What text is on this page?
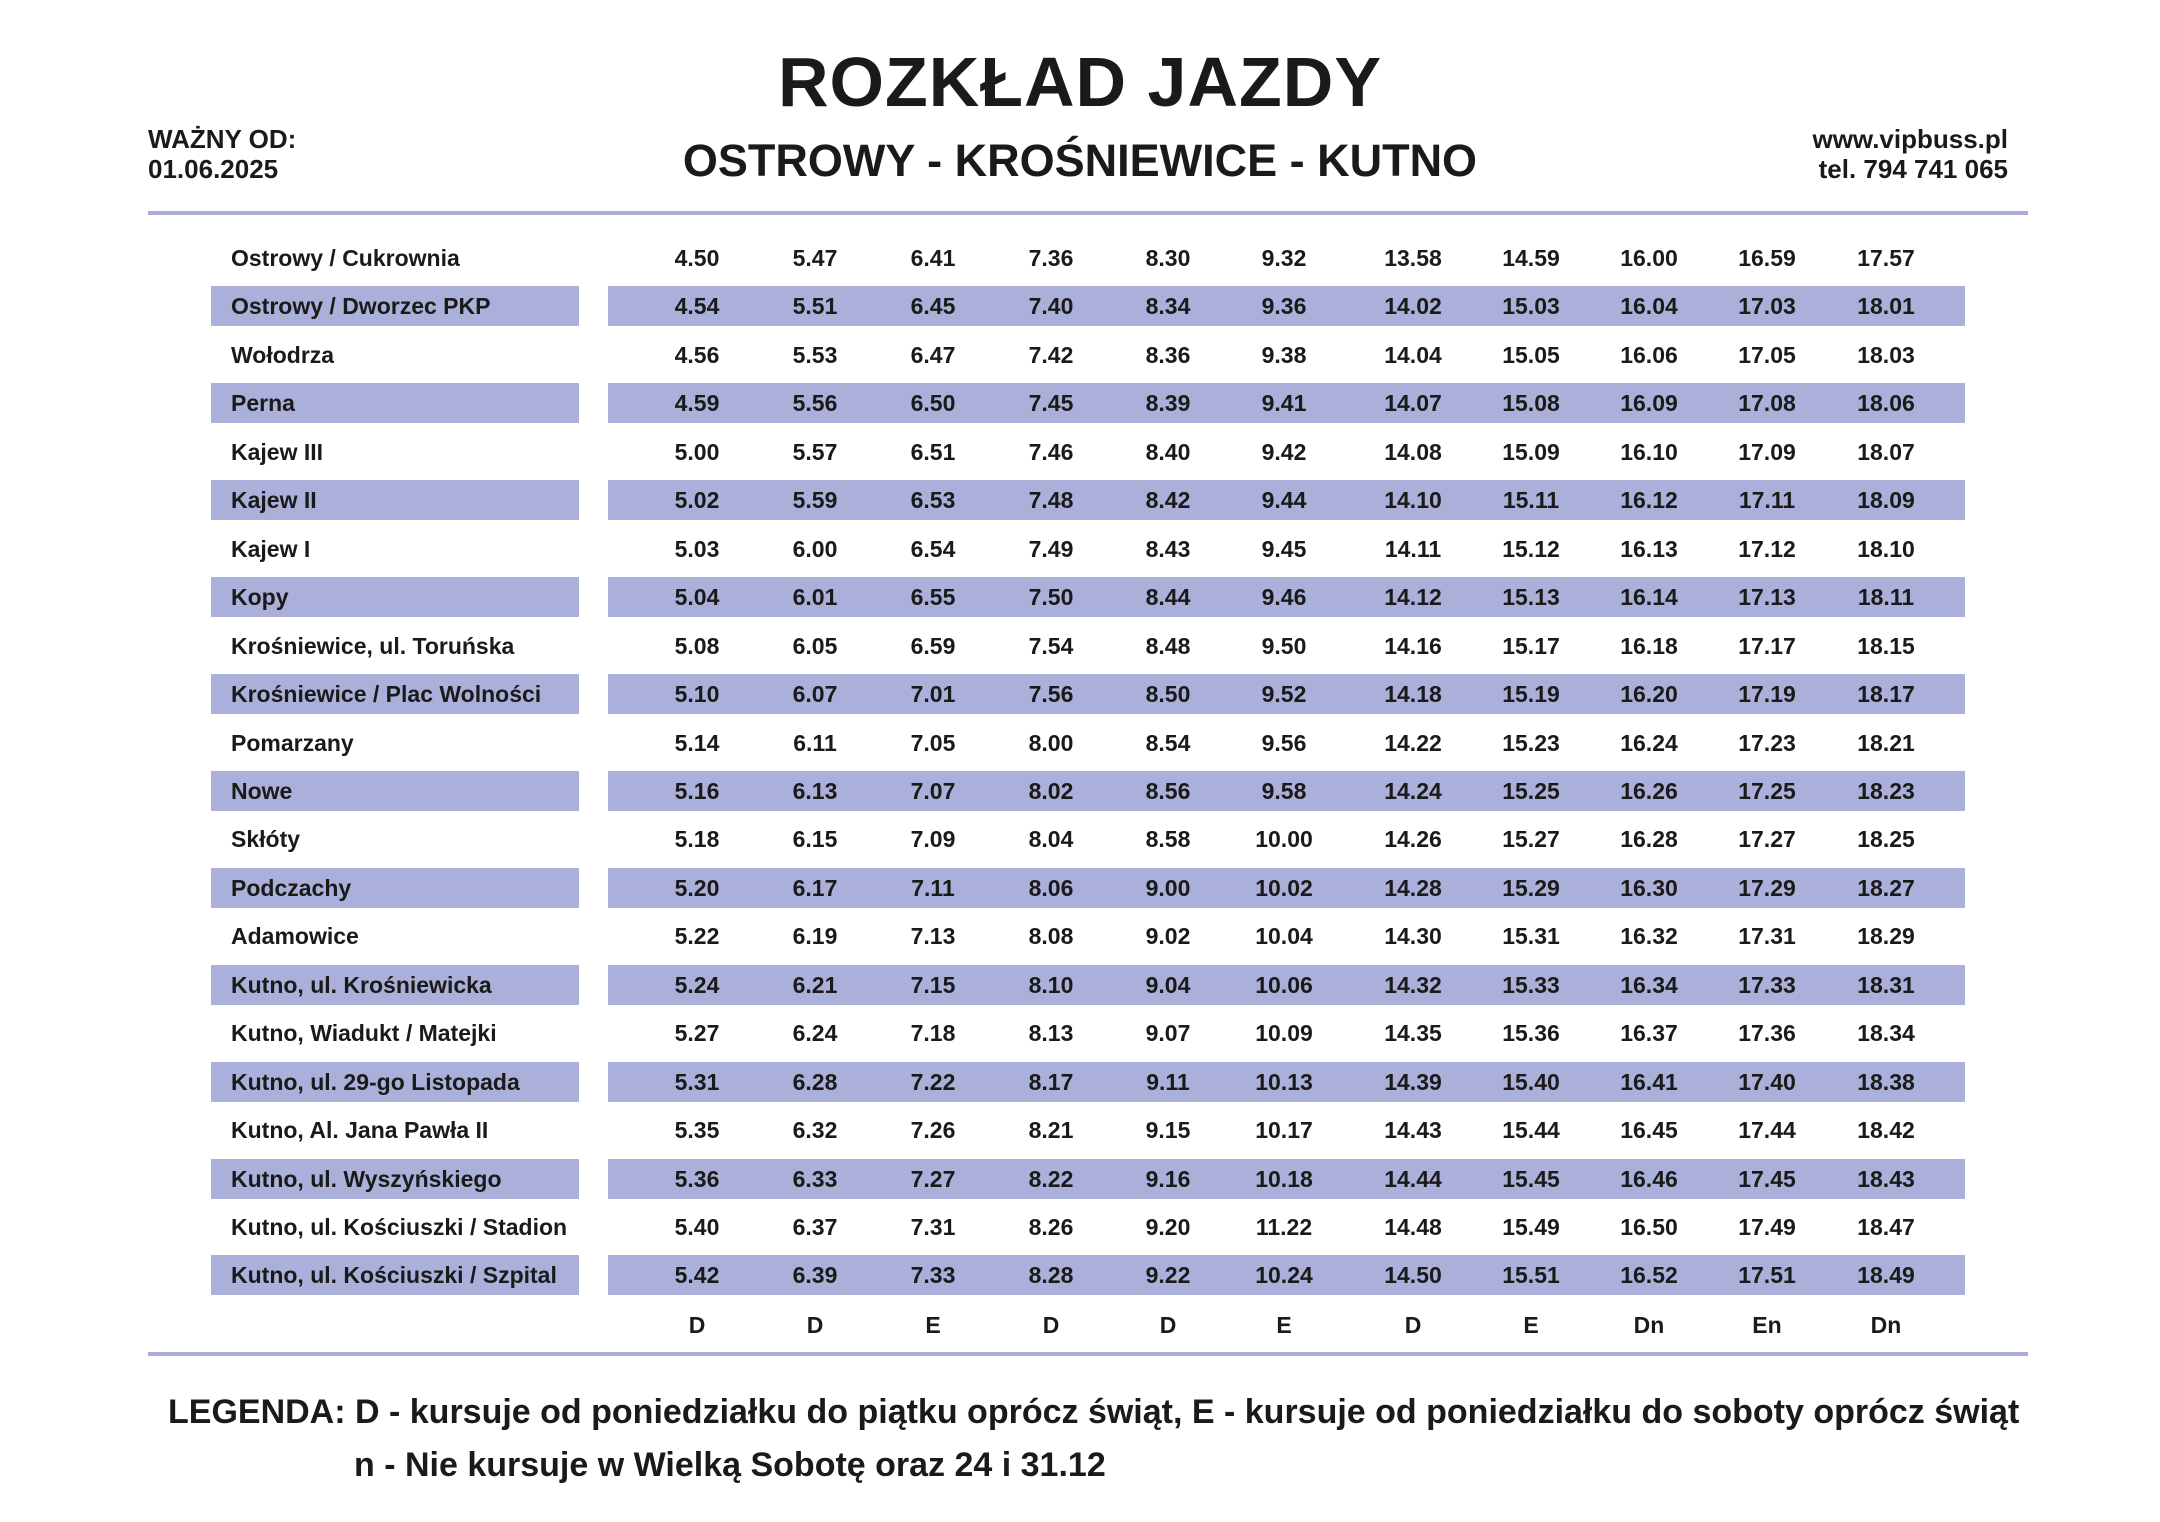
ROZKŁAD JAZDY
OSTROWY - KROŚNIEWICE - KUTNO
WAŻNY OD:
01.06.2025
www.vipbuss.pl
tel. 794 741 065
Ostrowy / Cukrownia	4.50	5.47	6.41	7.36	8.30	9.32	13.58	14.59	16.00	16.59	17.57
Ostrowy / Dworzec PKP	4.54	5.51	6.45	7.40	8.34	9.36	14.02	15.03	16.04	17.03	18.01
Wołodrza	4.56	5.53	6.47	7.42	8.36	9.38	14.04	15.05	16.06	17.05	18.03
Perna	4.59	5.56	6.50	7.45	8.39	9.41	14.07	15.08	16.09	17.08	18.06
Kajew III	5.00	5.57	6.51	7.46	8.40	9.42	14.08	15.09	16.10	17.09	18.07
Kajew II	5.02	5.59	6.53	7.48	8.42	9.44	14.10	15.11	16.12	17.11	18.09
Kajew I	5.03	6.00	6.54	7.49	8.43	9.45	14.11	15.12	16.13	17.12	18.10
Kopy	5.04	6.01	6.55	7.50	8.44	9.46	14.12	15.13	16.14	17.13	18.11
Krośniewice, ul. Toruńska	5.08	6.05	6.59	7.54	8.48	9.50	14.16	15.17	16.18	17.17	18.15
Krośniewice / Plac Wolności	5.10	6.07	7.01	7.56	8.50	9.52	14.18	15.19	16.20	17.19	18.17
Pomarzany	5.14	6.11	7.05	8.00	8.54	9.56	14.22	15.23	16.24	17.23	18.21
Nowe	5.16	6.13	7.07	8.02	8.56	9.58	14.24	15.25	16.26	17.25	18.23
Skłóty	5.18	6.15	7.09	8.04	8.58	10.00	14.26	15.27	16.28	17.27	18.25
Podczachy	5.20	6.17	7.11	8.06	9.00	10.02	14.28	15.29	16.30	17.29	18.27
Adamowice	5.22	6.19	7.13	8.08	9.02	10.04	14.30	15.31	16.32	17.31	18.29
Kutno, ul. Krośniewicka	5.24	6.21	7.15	8.10	9.04	10.06	14.32	15.33	16.34	17.33	18.31
Kutno, Wiadukt / Matejki	5.27	6.24	7.18	8.13	9.07	10.09	14.35	15.36	16.37	17.36	18.34
Kutno, ul. 29-go Listopada	5.31	6.28	7.22	8.17	9.11	10.13	14.39	15.40	16.41	17.40	18.38
Kutno, Al. Jana Pawła II	5.35	6.32	7.26	8.21	9.15	10.17	14.43	15.44	16.45	17.44	18.42
Kutno, ul. Wyszyńskiego	5.36	6.33	7.27	8.22	9.16	10.18	14.44	15.45	16.46	17.45	18.43
Kutno, ul. Kościuszki / Stadion	5.40	6.37	7.31	8.26	9.20	11.22	14.48	15.49	16.50	17.49	18.47
Kutno, ul. Kościuszki / Szpital	5.42	6.39	7.33	8.28	9.22	10.24	14.50	15.51	16.52	17.51	18.49
D	D	E	D	D	E	D	E	Dn	En	Dn
LEGENDA: D - kursuje od poniedziałku do piątku oprócz świąt, E - kursuje od poniedziałku do soboty oprócz świąt
n - Nie kursuje w Wielką Sobotę oraz 24 i 31.12
